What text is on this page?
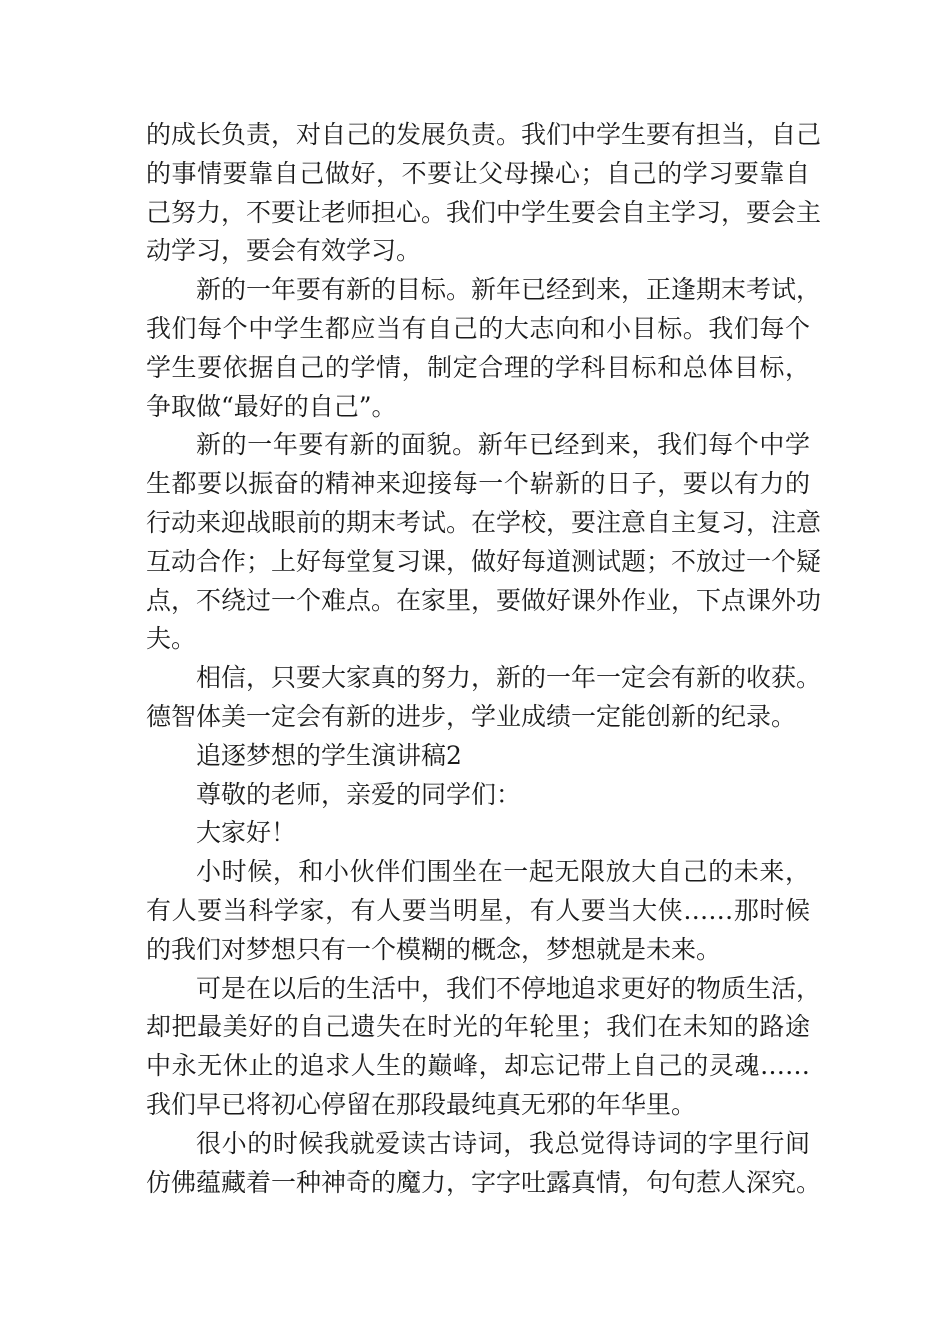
的成长负责，对自己的发展负责。我们中学生要有担当，自己
的事情要靠自己做好，不要让父母操心；自己的学习要靠自
己努力，不要让老师担心。我们中学生要会自主学习，要会主
动学习，要会有效学习。

新的一年要有新的目标。新年已经到来，正逢期末考试，
我们每个中学生都应当有自己的大志向和小目标。我们每个
学生要依据自己的学情，制定合理的学科目标和总体目标，
争取做“最好的自己”。

新的一年要有新的面貌。新年已经到来，我们每个中学
生都要以振奋的精神来迎接每一个崭新的日子，要以有力的
行动来迎战眼前的期末考试。在学校，要注意自主复习，注意
互动合作；上好每堂复习课，做好每道测试题；不放过一个疑
点，不绕过一个难点。在家里，要做好课外作业，下点课外功
夫。

相信，只要大家真的努力，新的一年一定会有新的收获。
德智体美一定会有新的进步，学业成绩一定能创新的纪录。

追逐梦想的学生演讲稿2

尊敬的老师，亲爱的同学们：

大家好！

小时候，和小伙伴们围坐在一起无限放大自己的未来，
有人要当科学家，有人要当明星，有人要当大侠……那时候
的我们对梦想只有一个模糊的概念，梦想就是未来。

可是在以后的生活中，我们不停地追求更好的物质生活，
却把最美好的自己遗失在时光的年轮里；我们在未知的路途
中永无休止的追求人生的巅峰，却忘记带上自己的灵魂……
我们早已将初心停留在那段最纯真无邪的年华里。

很小的时候我就爱读古诗词，我总觉得诗词的字里行间
仿佛蕴藏着一种神奇的魔力，字字吐露真情，句句惹人深究。
